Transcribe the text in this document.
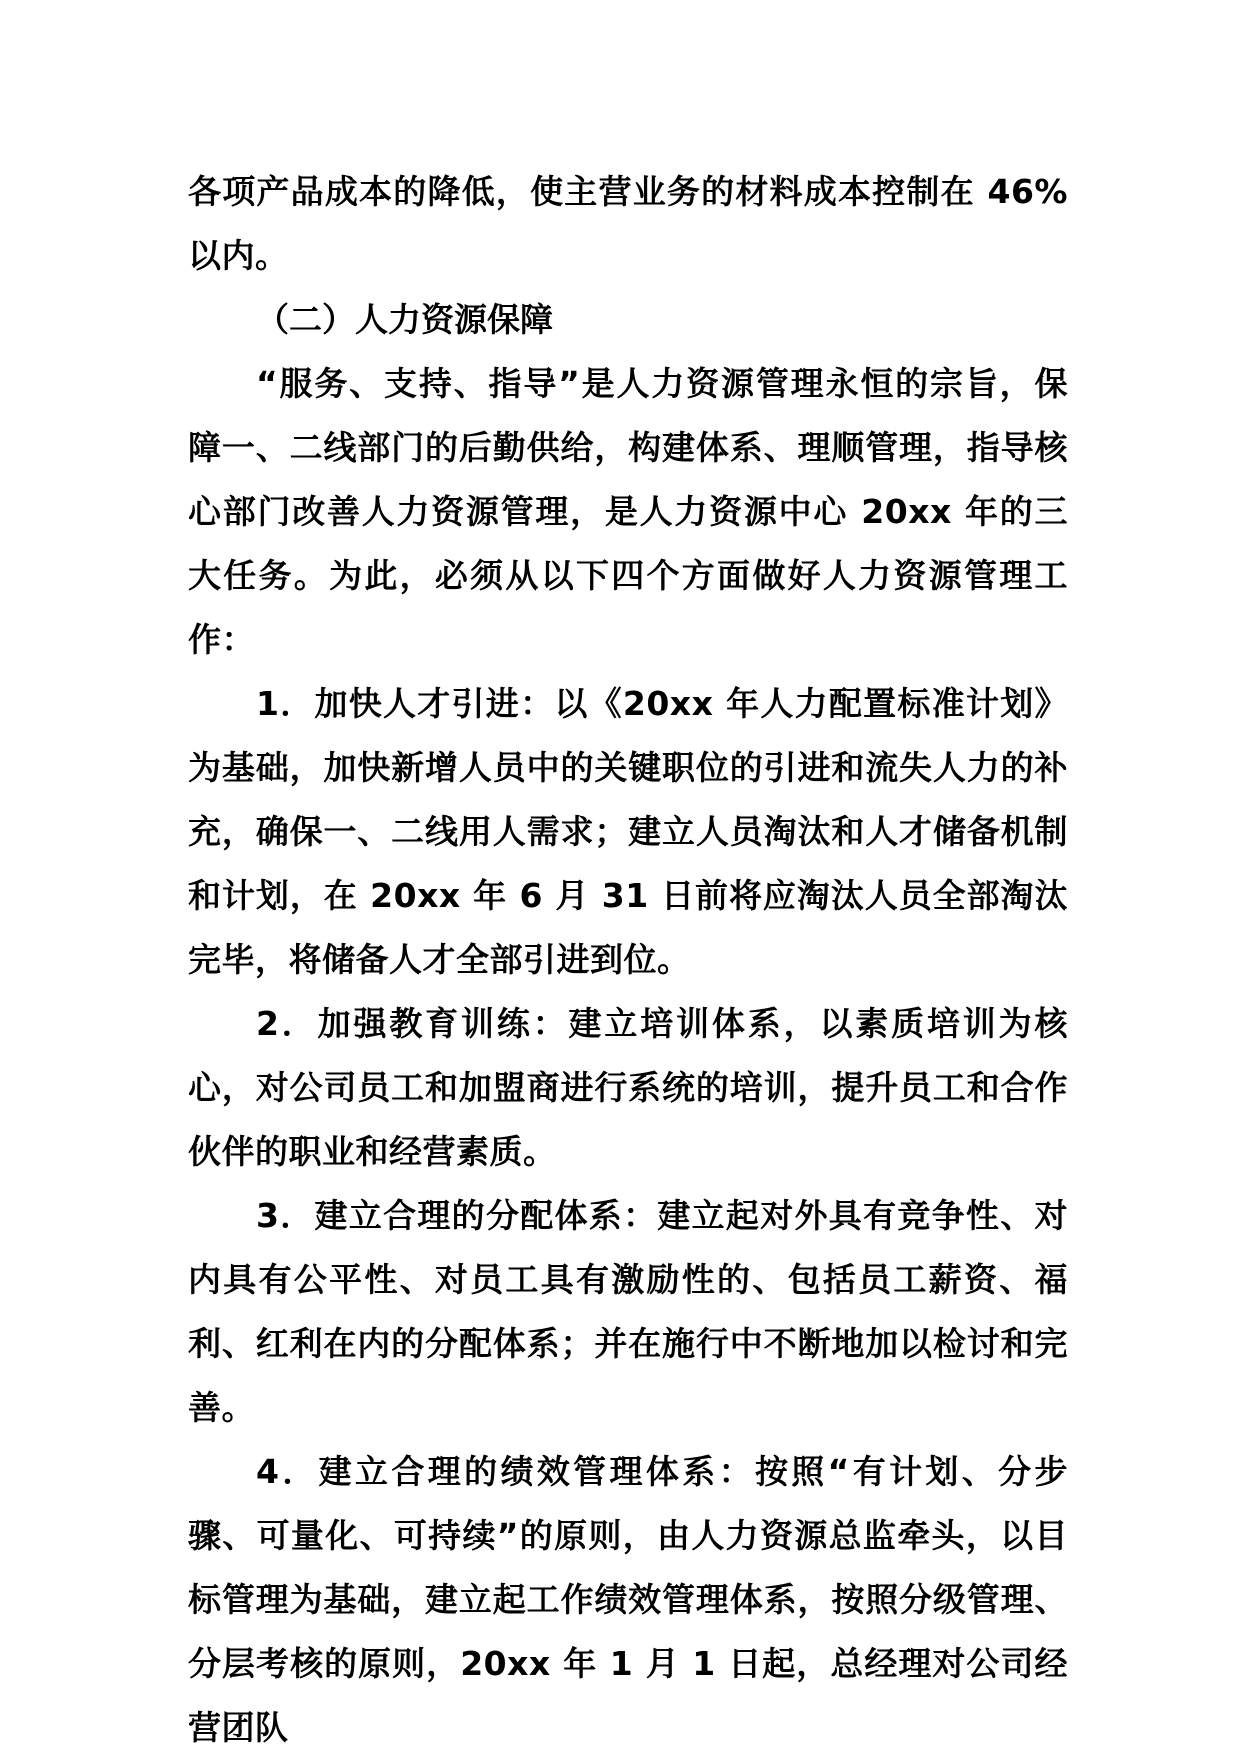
各项产品成本的降低，使主营业务的材料成本控制在 46%以内。

（二）人力资源保障

“服务、支持、指导”是人力资源管理永恒的宗旨，保障一、二线部门的后勤供给，构建体系、理顺管理，指导核心部门改善人力资源管理，是人力资源中心 20xx 年的三大任务。为此，必须从以下四个方面做好人力资源管理工作：

1．加快人才引进：以《20xx 年人力配置标准计划》为基础，加快新增人员中的关键职位的引进和流失人力的补充，确保一、二线用人需求；建立人员淘汰和人才储备机制和计划，在 20xx 年 6 月 31 日前将应淘汰人员全部淘汰完毕，将储备人才全部引进到位。

2．加强教育训练：建立培训体系，以素质培训为核心，对公司员工和加盟商进行系统的培训，提升员工和合作伙伴的职业和经营素质。

3．建立合理的分配体系：建立起对外具有竞争性、对内具有公平性、对员工具有激励性的、包括员工薪资、福利、红利在内的分配体系；并在施行中不断地加以检讨和完善。

4．建立合理的绩效管理体系：按照“有计划、分步骤、可量化、可持续”的原则，由人力资源总监牵头，以目标管理为基础，建立起工作绩效管理体系，按照分级管理、分层考核的原则，20xx 年 1 月 1 日起，总经理对公司经营团队
